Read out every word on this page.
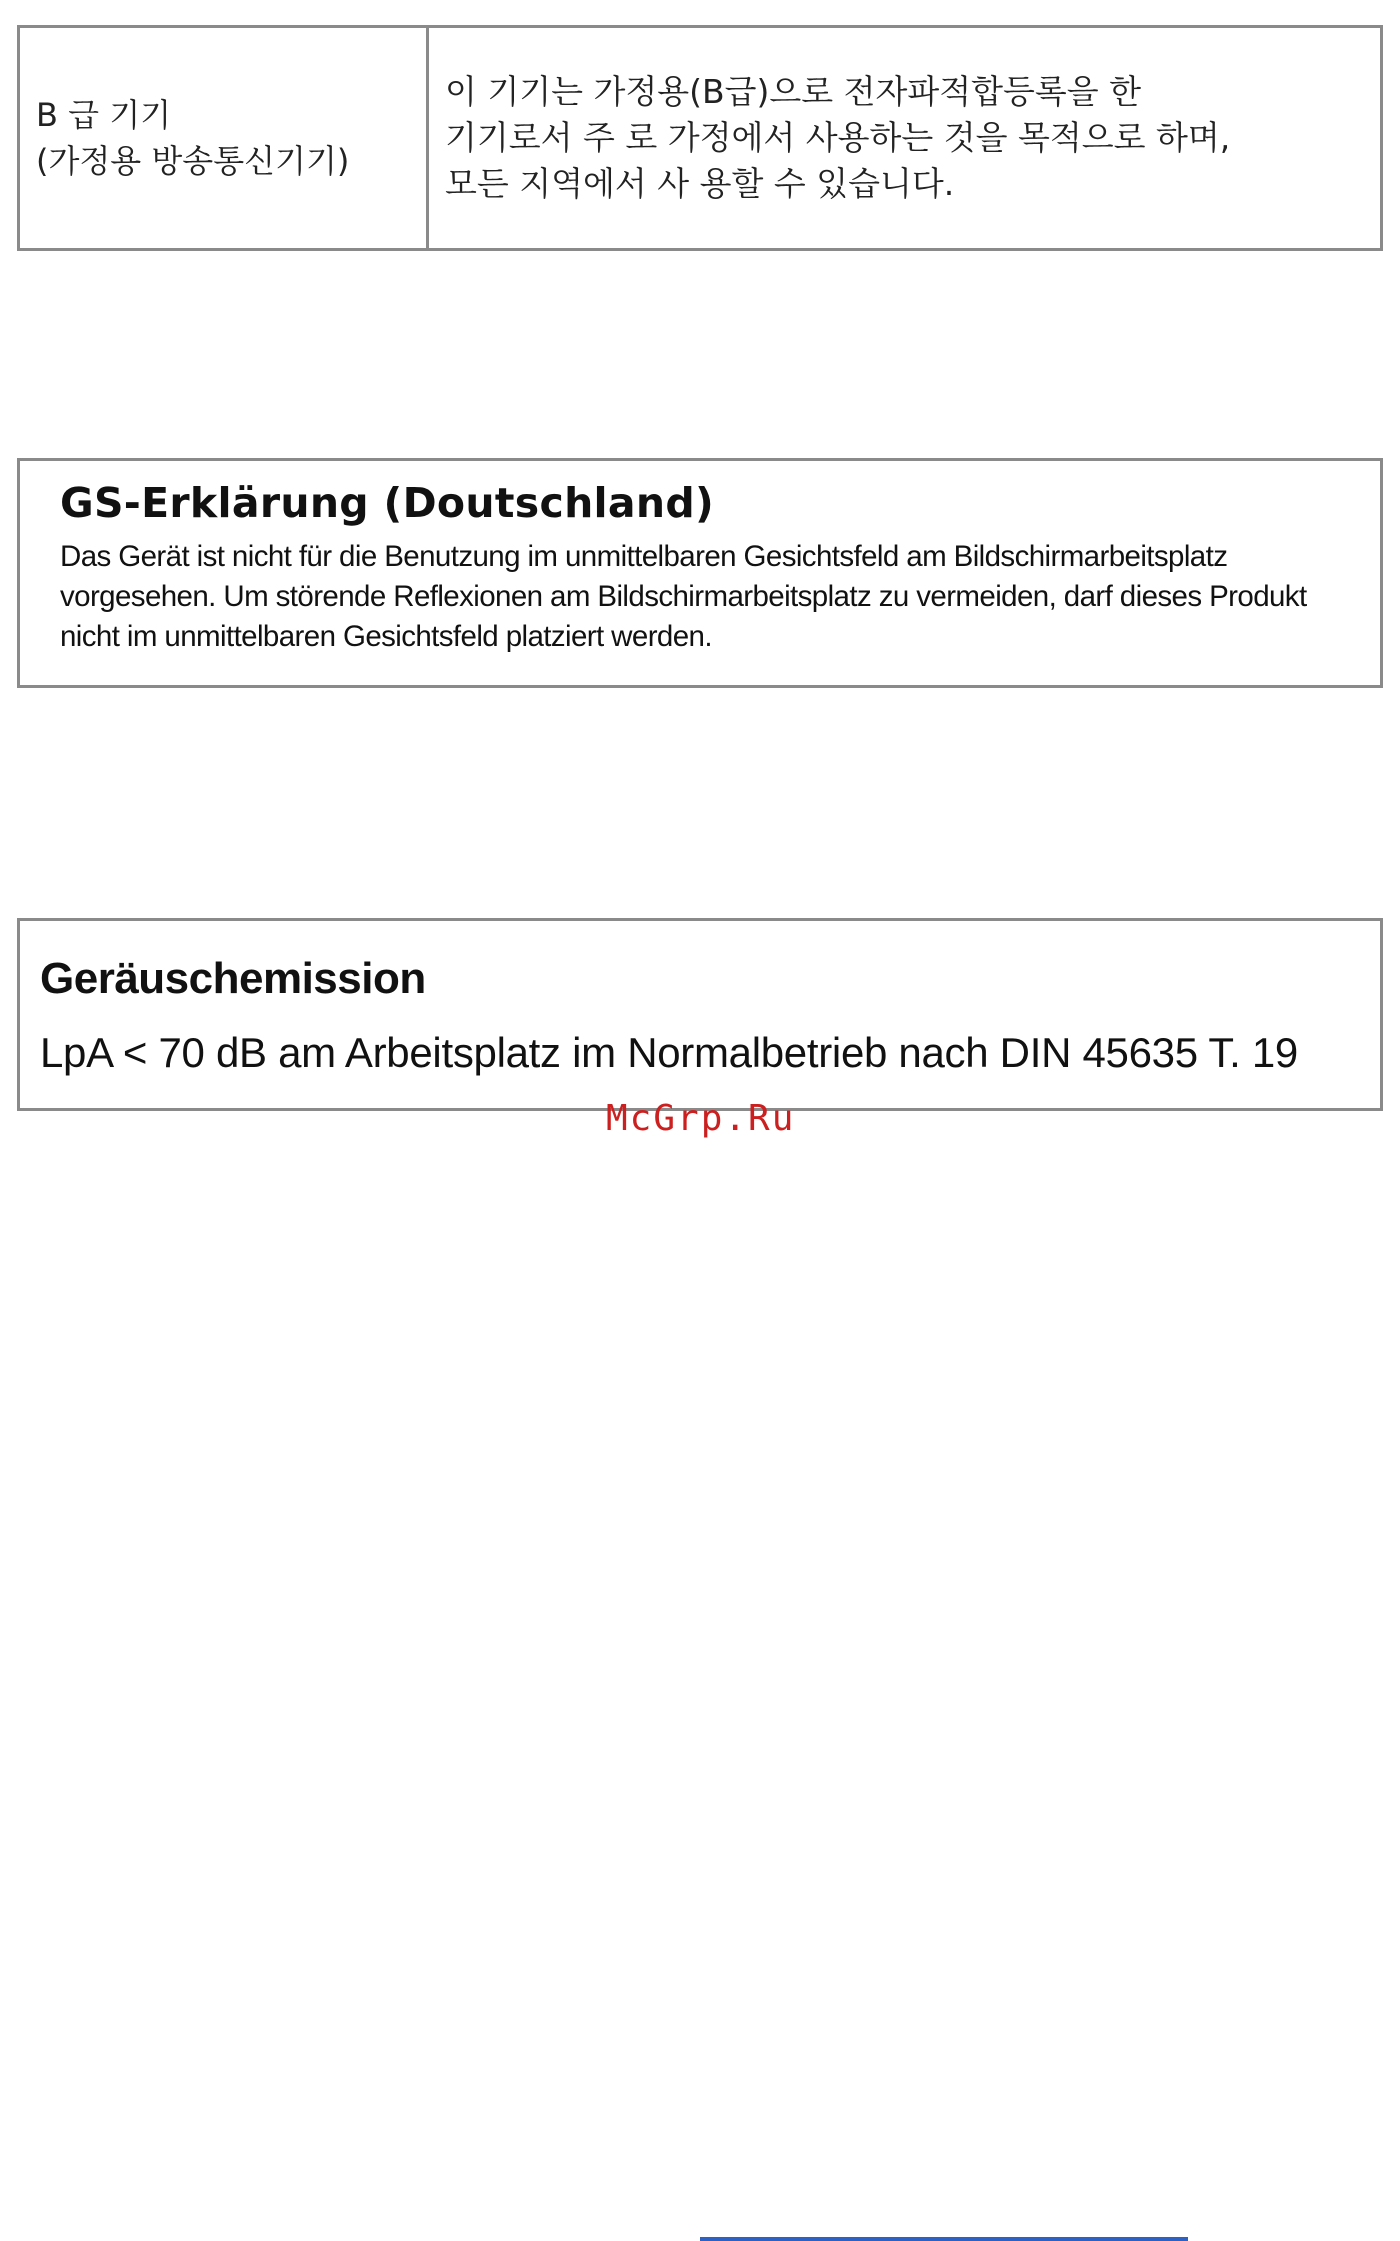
B 급 기기
(가정용 방송통신기기)
이 기기는 가정용(B급)으로 전자파적합등록을 한
기기로서 주 로 가정에서 사용하는 것을 목적으로 하며,
모든 지역에서 사 용할 수 있습니다.
GS-Erklärung (Doutschland)

Das Gerät ist nicht für die Benutzung im unmittelbaren Gesichtsfeld am Bildschirmarbeitsplatz vorgesehen. Um störende Reflexionen am Bildschirmarbeitsplatz zu vermeiden, darf dieses Produkt nicht im unmittelbaren Gesichtsfeld platziert werden.

Geräuschemission

LpA < 70 dB am Arbeitsplatz im Normalbetrieb nach DIN 45635 T. 19

McGrp.Ru
